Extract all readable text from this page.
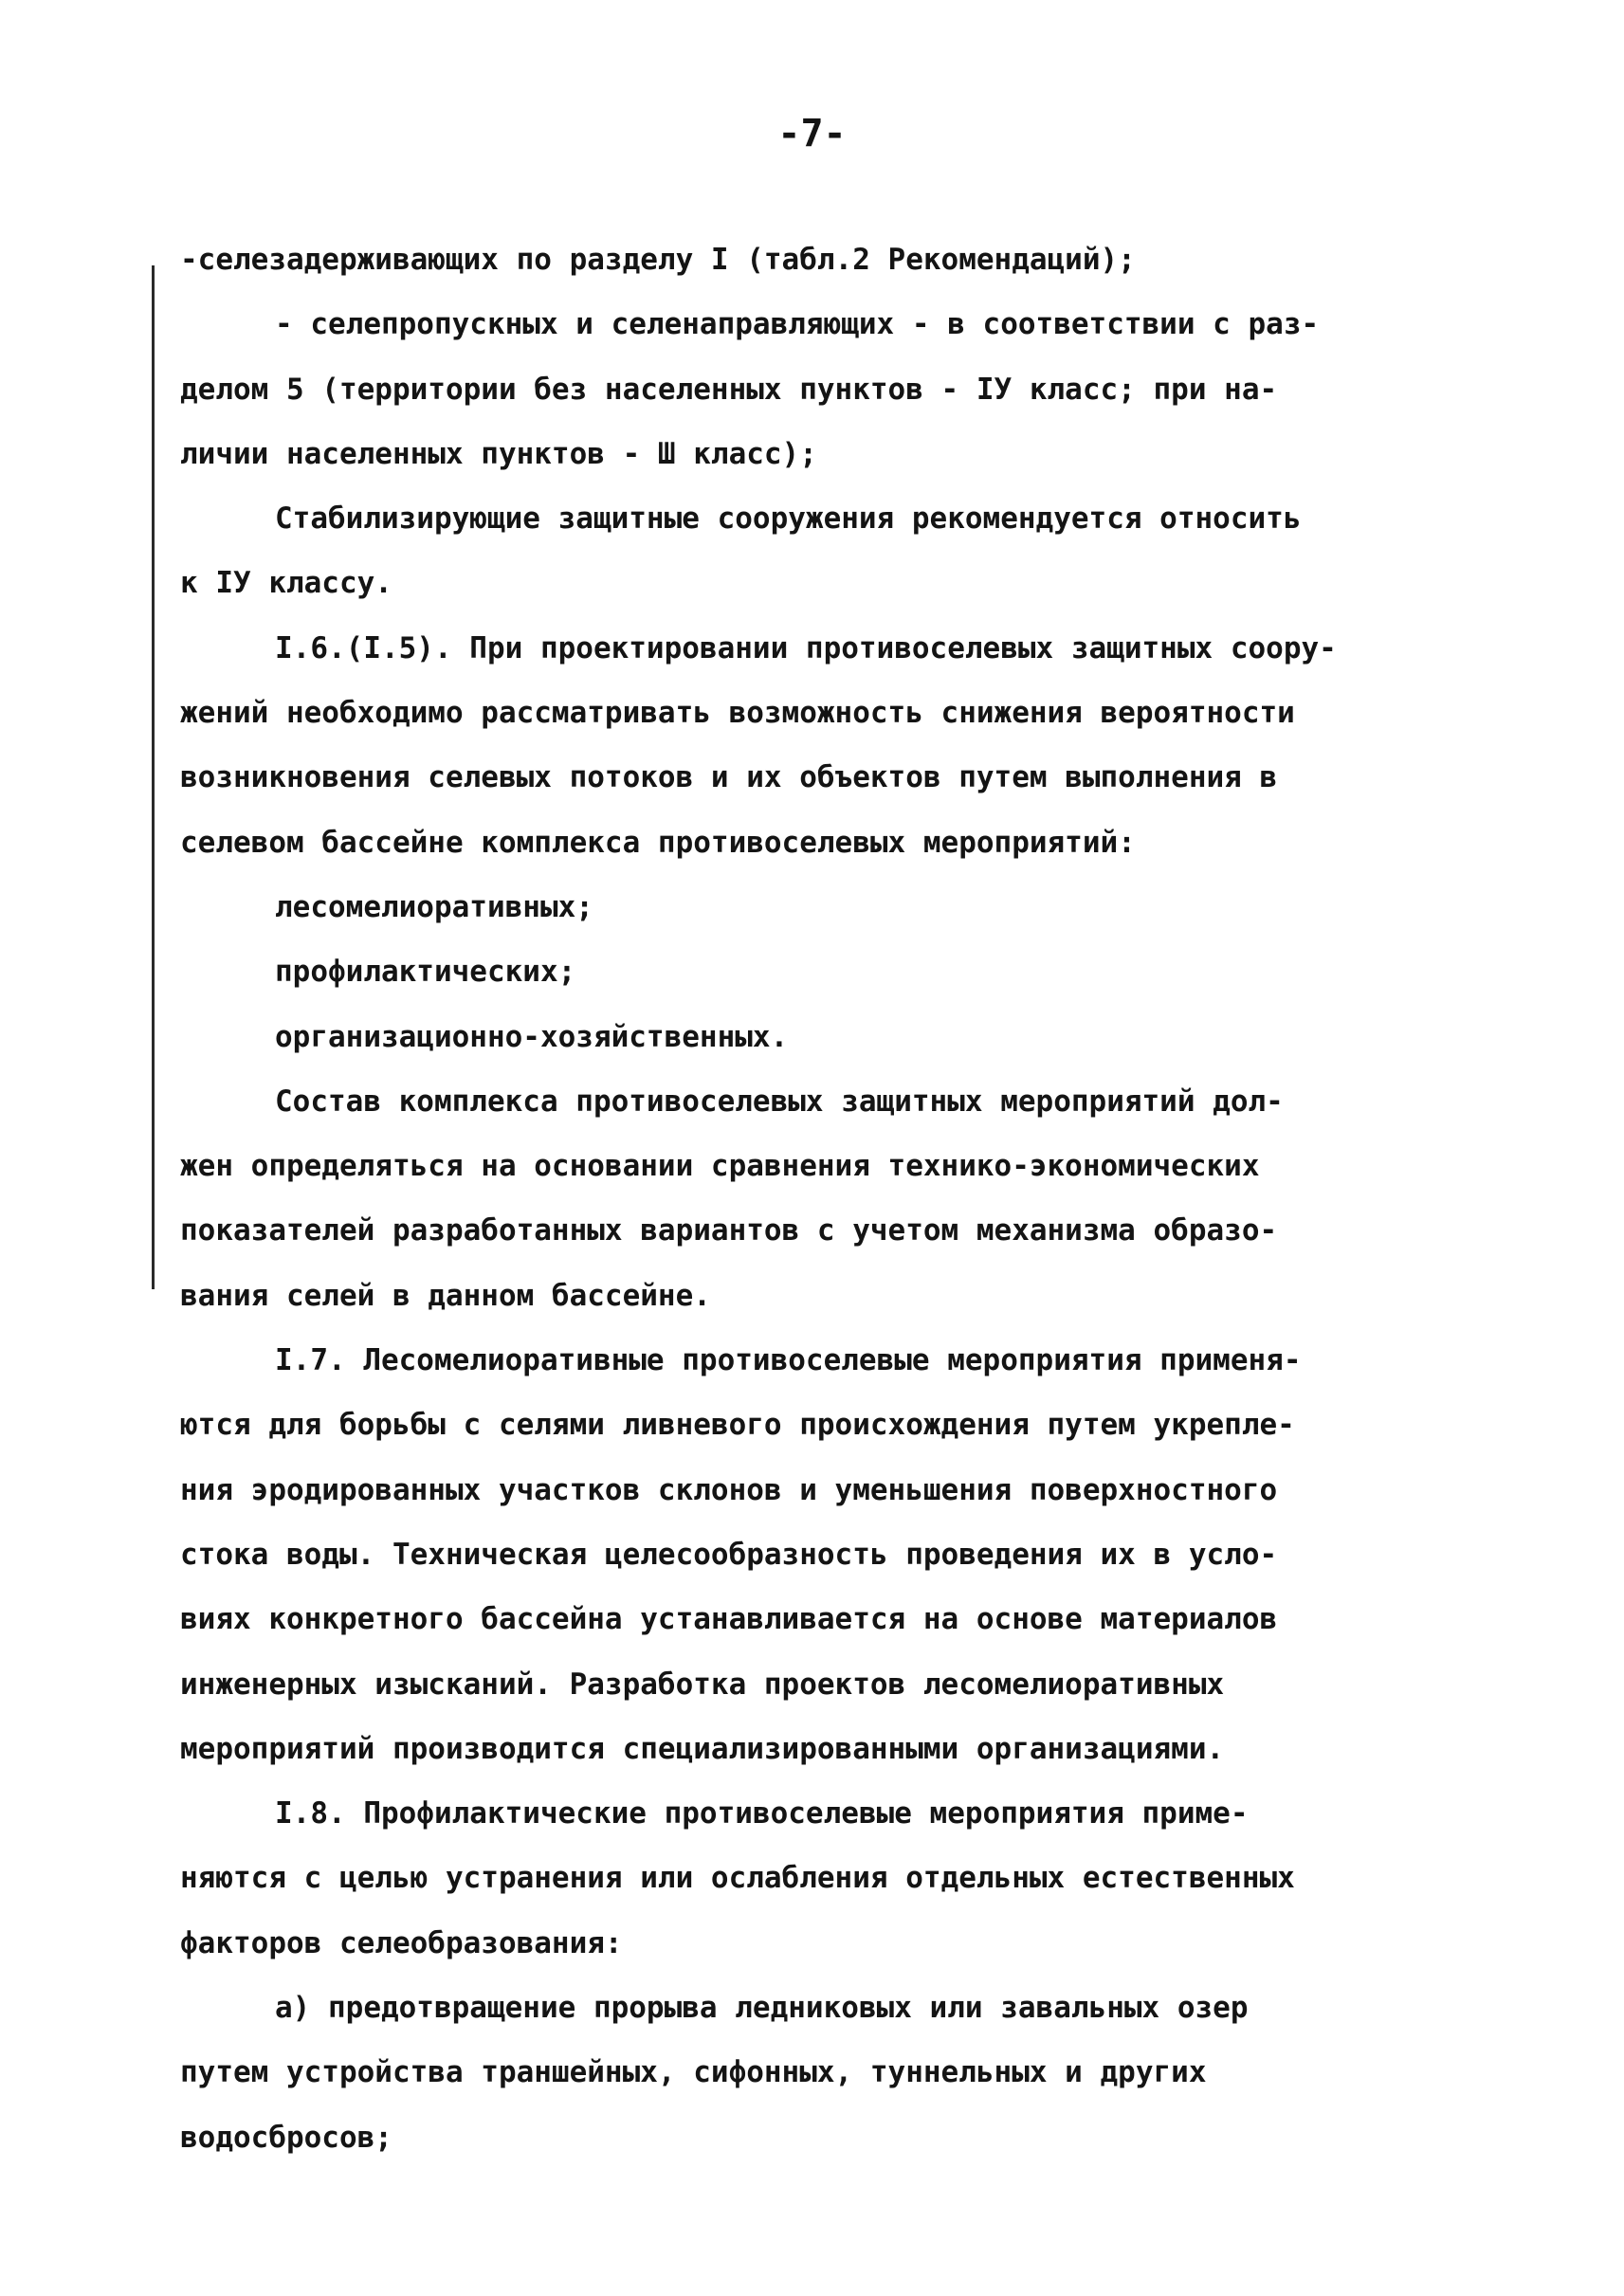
-7-
-селезадерживающих по разделу I (табл.2 Рекомендаций);
- селепропускных и селенаправляющих - в соответствии с раз-
делом 5 (территории без населенных пунктов - IУ класс; при на-
личии населенных пунктов - Ш класс);
Стабилизирующие защитные сооружения рекомендуется относить
к IУ классу.
I.6.(I.5). При проектировании противоселевых защитных соору-
жений необходимо рассматривать возможность снижения вероятности
возникновения селевых потоков и их объектов путем выполнения в
селевом бассейне комплекса противоселевых мероприятий:
лесомелиоративных;
профилактических;
организационно-хозяйственных.
Состав комплекса противоселевых защитных мероприятий дол-
жен определяться на основании сравнения технико-экономических
показателей разработанных вариантов с учетом механизма образо-
вания селей в данном бассейне.
I.7. Лесомелиоративные противоселевые мероприятия применя-
ются для борьбы с селями ливневого происхождения путем укрепле-
ния эродированных участков склонов и уменьшения поверхностного
стока воды. Техническая целесообразность проведения их в усло-
виях конкретного бассейна устанавливается на основе материалов
инженерных изысканий. Разработка проектов лесомелиоративных
мероприятий производится специализированными организациями.
I.8. Профилактические противоселевые мероприятия приме-
няются с целью устранения или ослабления отдельных естественных
факторов селеобразования:
а) предотвращение прорыва ледниковых или завальных озер
путем устройства траншейных, сифонных, туннельных и других
водосбросов;
